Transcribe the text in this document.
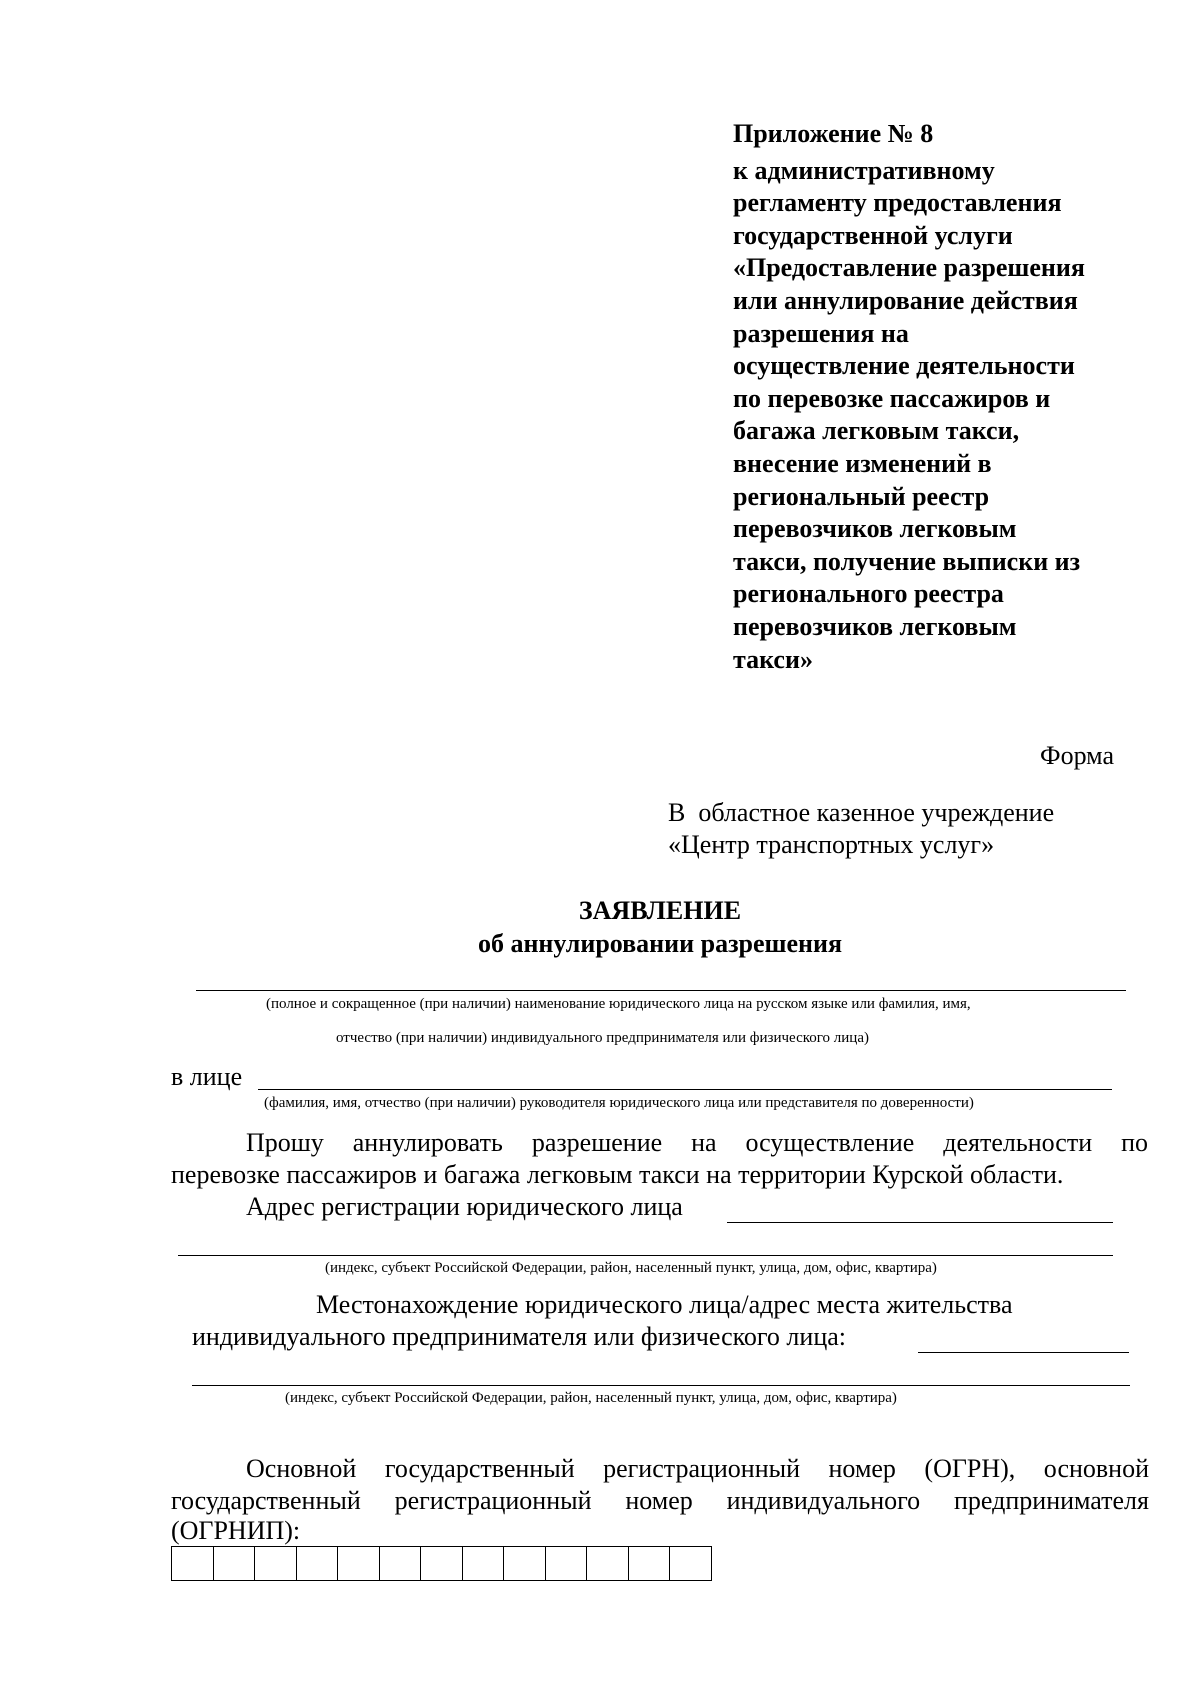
Приложение № 8
к административному
регламенту предоставления
государственной услуги
«Предоставление разрешения
или аннулирование действия
разрешения на
осуществление деятельности
по перевозке пассажиров и
багажа легковым такси,
внесение изменений в
региональный реестр
перевозчиков легковым
такси, получение выписки из
регионального реестра
перевозчиков легковым
такси»
Форма
В  областное казенное учреждение
«Центр транспортных услуг»
ЗАЯВЛЕНИЕ
об аннулировании разрешения
(полное и сокращенное (при наличии) наименование юридического лица на русском языке или фамилия, имя,
отчество (при наличии) индивидуального предпринимателя или физического лица)
в лице
(фамилия, имя, отчество (при наличии) руководителя юридического лица или представителя по доверенности)
Прошу аннулировать разрешение на осуществление деятельности по
перевозке пассажиров и багажа легковым такси на территории Курской области.
Адрес регистрации юридического лица
(индекс, субъект Российской Федерации, район, населенный пункт, улица, дом, офис, квартира)
Местонахождение юридического лица/адрес места жительства
индивидуального предпринимателя или физического лица:
(индекс, субъект Российской Федерации, район, населенный пункт, улица, дом, офис, квартира)
Основной государственный регистрационный номер (ОГРН), основной
государственный регистрационный номер индивидуального предпринимателя
(ОГРНИП):
